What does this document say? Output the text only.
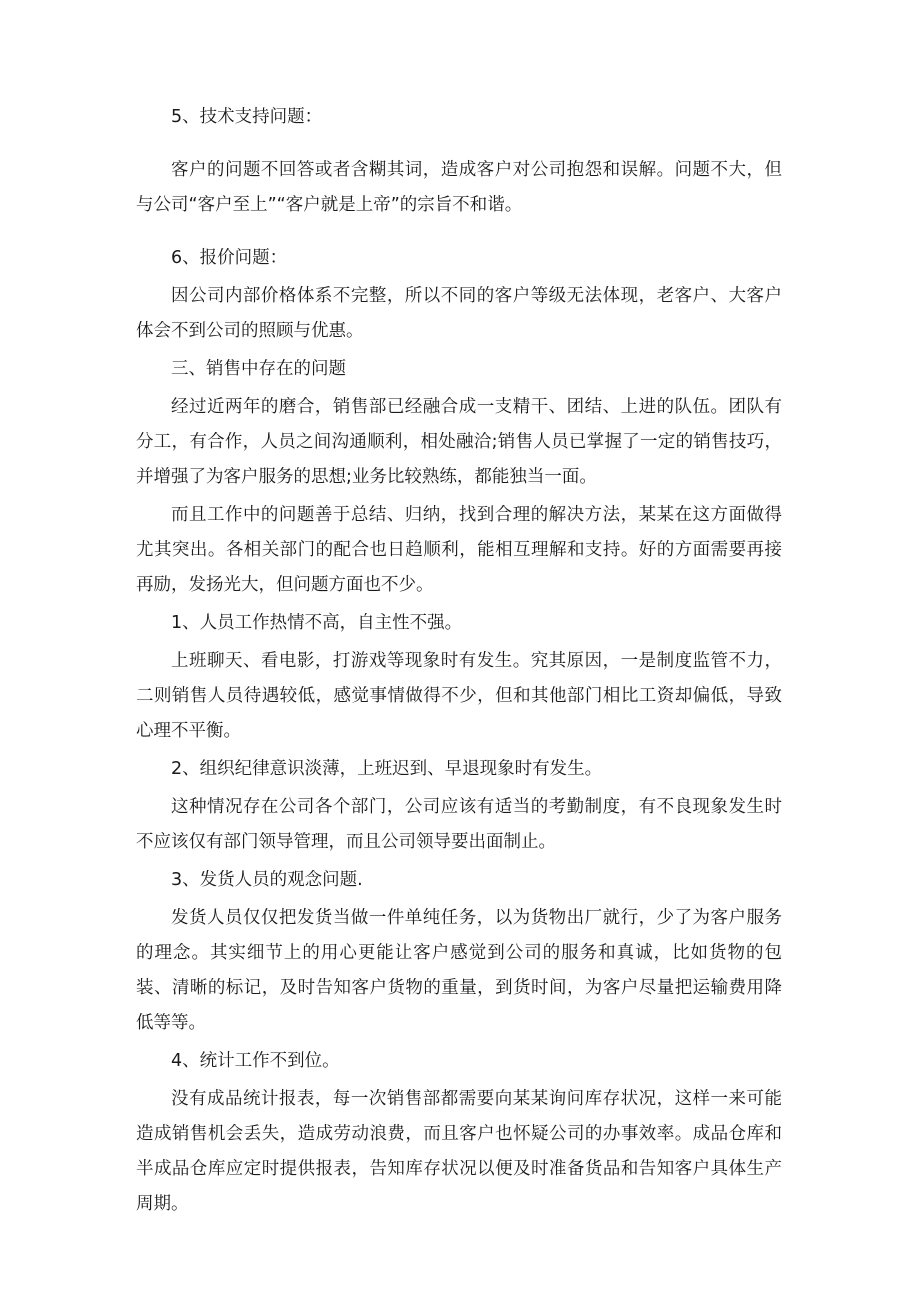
5、技术支持问题：

客户的问题不回答或者含糊其词，造成客户对公司抱怨和误解。问题不大，但与公司“客户至上”“客户就是上帝”的宗旨不和谐。

6、报价问题：

因公司内部价格体系不完整，所以不同的客户等级无法体现，老客户、大客户体会不到公司的照顾与优惠。

三、销售中存在的问题

经过近两年的磨合，销售部已经融合成一支精干、团结、上进的队伍。团队有分工，有合作，人员之间沟通顺利，相处融洽;销售人员已掌握了一定的销售技巧，并增强了为客户服务的思想;业务比较熟练，都能独当一面。

而且工作中的问题善于总结、归纳，找到合理的解决方法，某某在这方面做得尤其突出。各相关部门的配合也日趋顺利，能相互理解和支持。好的方面需要再接再励，发扬光大，但问题方面也不少。

1、人员工作热情不高，自主性不强。

上班聊天、看电影，打游戏等现象时有发生。究其原因，一是制度监管不力，二则销售人员待遇较低，感觉事情做得不少，但和其他部门相比工资却偏低，导致心理不平衡。

2、组织纪律意识淡薄，上班迟到、早退现象时有发生。

这种情况存在公司各个部门，公司应该有适当的考勤制度，有不良现象发生时不应该仅有部门领导管理，而且公司领导要出面制止。

3、发货人员的观念问题.

发货人员仅仅把发货当做一件单纯任务，以为货物出厂就行，少了为客户服务的理念。其实细节上的用心更能让客户感觉到公司的服务和真诚，比如货物的包装、清晰的标记，及时告知客户货物的重量，到货时间，为客户尽量把运输费用降低等等。

4、统计工作不到位。

没有成品统计报表，每一次销售部都需要向某某询问库存状况，这样一来可能造成销售机会丢失，造成劳动浪费，而且客户也怀疑公司的办事效率。成品仓库和半成品仓库应定时提供报表，告知库存状况以便及时准备货品和告知客户具体生产周期。
